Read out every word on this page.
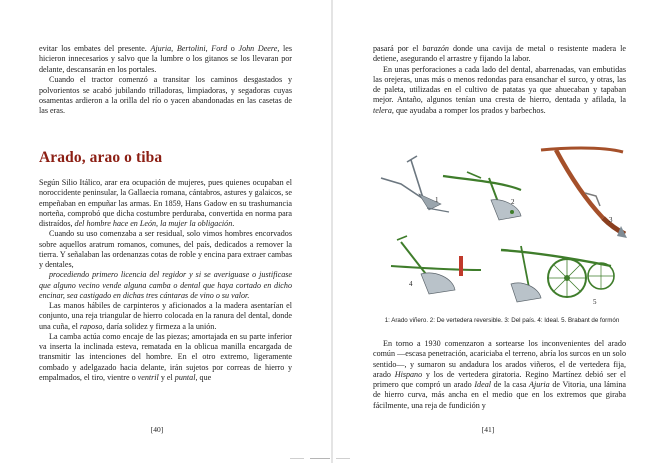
evitar los embates del presente. Ajuria, Bertolini, Ford o John Deere, les hicieron innecesarios y salvo que la lumbre o los gitanos se los llevaran por delante, descansarán en los portales.

Cuando el tractor comenzó a transitar los caminos desgastados y polvorientos se acabó jubilando trilladoras, limpiadoras, y segadoras cuyas osamentas ardieron a la orilla del río o yacen abandonadas en las casetas de las eras.

Arado, arao o tiba

Según Silio Itálico, arar era ocupación de mujeres, pues quienes ocupaban el noroccidente peninsular, la Gallaecia romana, cántabros, astures y galaicos, se empeñaban en empuñar las armas. En 1859, Hans Gadow en su trashumancia norteña, comprobó que dicha costumbre perduraba, convertida en norma para distraídos, del hombre hace en León, la mujer la obligación.

Cuando su uso comenzaba a ser residual, solo vimos hombres encorvados sobre aquellos aratrum romanos, comunes, del país, dedicados a remover la tierra. Y señalaban las ordenanzas cotas de roble y encina para extraer cambas y dentales,

procediendo primero licencia del regidor y si se averiguase o justificase que alguno vecino vende alguna camba o dental que haya cortado en dicho encinar, sea castigado en dichas tres cántaras de vino o su valor.

Las manos hábiles de carpinteros y aficionados a la madera asentarían el conjunto, una reja triangular de hierro colocada en la ranura del dental, donde una cuña, el raposo, daría solidez y firmeza a la unión.

La camba actúa como encaje de las piezas; amortajada en su parte inferior va inserta la inclinada esteva, rematada en la oblicua manilla encargada de transmitir las intenciones del hombre. En el otro extremo, ligeramente combado y adelgazado hacia delante, irán sujetos por correas de hierro y empalmados, el tiro, vientre o ventril y el puntal, que

[40]

pasará por el barazón donde una cavija de metal o resistente madera le detiene, asegurando el arrastre y fijando la labor.

En unas perforaciones a cada lado del dental, abarrenadas, van embutidas las orejeras, unas más o menos redondas para ensanchar el surco, y otras, las de paleta, utilizadas en el cultivo de patatas ya que ahuecaban y tapaban mejor. Antaño, algunos tenían una cresta de hierro, dentada y afilada, la telera, que ayudaba a romper los prados y barbechos.

1	2
3
4
5
1: Arado viñero. 2: De vertedera reversible. 3: Del país. 4: Ideal. 5. Brabant de formón

En torno a 1930 comenzaron a sortearse los inconvenientes del arado común —escasa penetración, acariciaba el terreno, abría los surcos en un solo sentido—, y sumaron su andadura los arados viñeros, el de vertedera fija, arado Hispano y los de vertedera giratoria. Regino Martínez debió ser el primero que compró un arado Ideal de la casa Ajuria de Vitoria, una lámina de hierro curva, más ancha en el medio que en los extremos que giraba fácilmente, una reja de fundición y

[41]
